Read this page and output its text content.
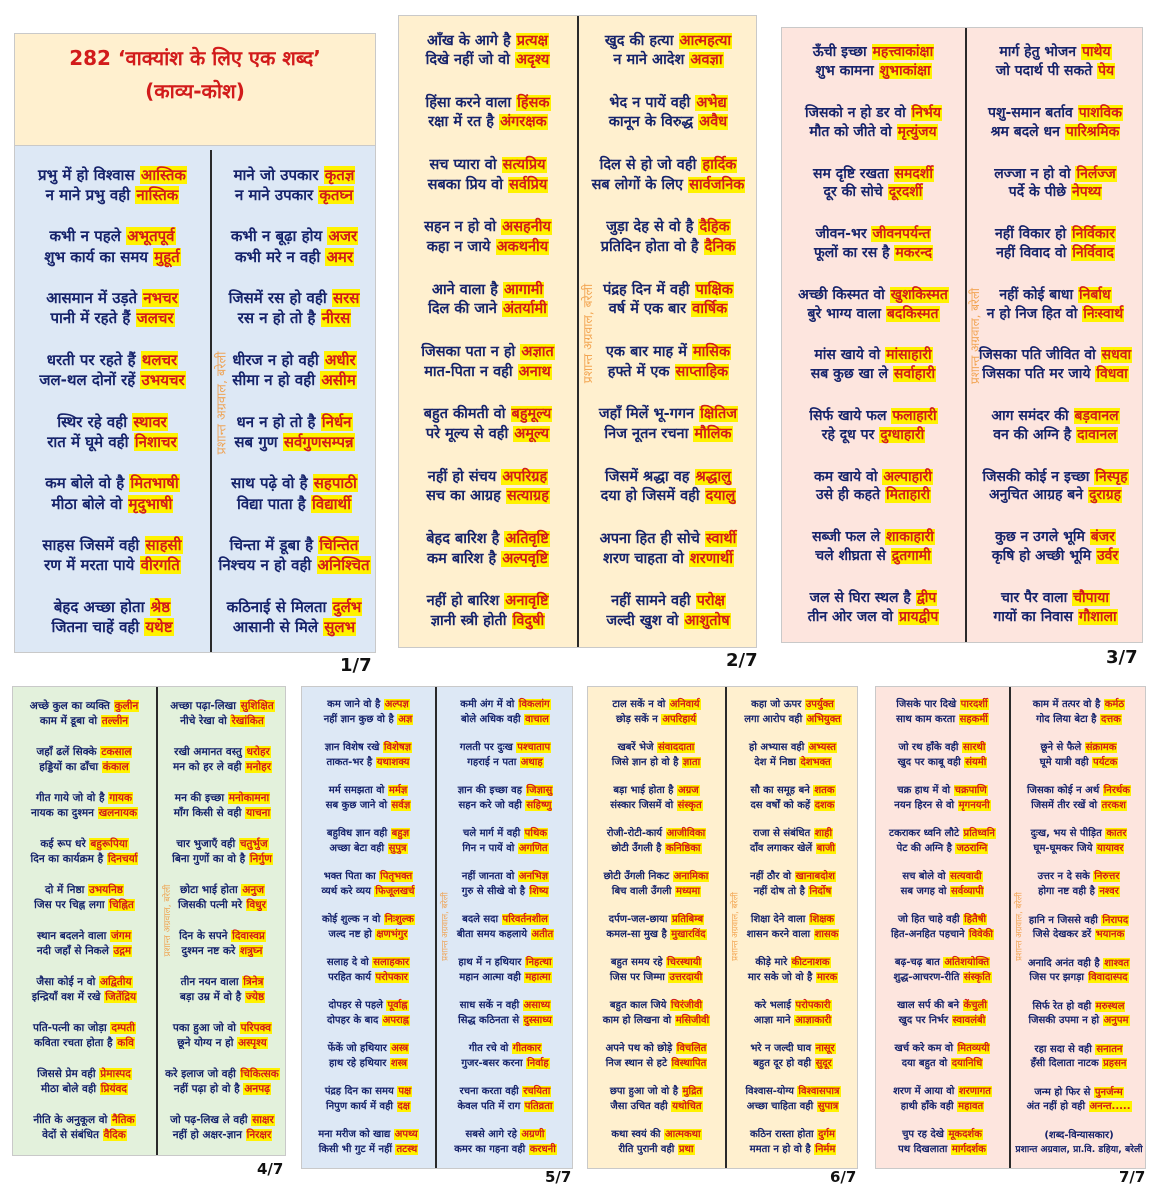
282 ‘वाक्यांश के लिए एक शब्द’
(काव्य-कोश)
प्रशान्त अग्रवाल, बरेली
प्रभु में हो विश्वास आस्तिक
न माने प्रभु वही नास्तिक
कभी न पहले अभूतपूर्व
शुभ कार्य का समय मुहूर्त
आसमान में उड़ते नभचर
पानी में रहते हैं जलचर
धरती पर रहते हैं थलचर
जल-थल दोनों रहें उभयचर
स्थिर रहे वही स्थावर
रात में घूमे वही निशाचर
कम बोले वो है मितभाषी
मीठा बोले वो मृदुभाषी
साहस जिसमें वही साहसी
रण में मरता पाये वीरगति
बेहद अच्छा होता श्रेष्ठ
जितना चाहें वही यथेष्ट
माने जो उपकार कृतज्ञ
न माने उपकार कृतघ्न
कभी न बूढ़ा होय अजर
कभी मरे न वही अमर
जिसमें रस हो वही सरस
रस न हो तो है नीरस
धीरज न हो वही अधीर
सीमा न हो वही असीम
धन न हो तो है निर्धन
सब गुण सर्वगुणसम्पन्न
साथ पढ़े वो है सहपाठी
विद्या पाता है विद्यार्थी
चिन्ता में डूबा है चिन्तित
निश्चय न हो वही अनिश्चित
कठिनाई से मिलता दुर्लभ
आसानी से मिले सुलभ
1/7
प्रशान्त अग्रवाल, बरेली
आँख के आगे है प्रत्यक्ष
दिखे नहीं जो वो अदृश्य
हिंसा करने वाला हिंसक
रक्षा में रत है अंगरक्षक
सच प्यारा वो सत्यप्रिय
सबका प्रिय वो सर्वप्रिय
सहन न हो वो असहनीय
कहा न जाये अकथनीय
आने वाला है आगामी
दिल की जाने अंतर्यामी
जिसका पता न हो अज्ञात
मात-पिता न वही अनाथ
बहुत कीमती वो बहुमूल्य
परे मूल्य से वही अमूल्य
नहीं हो संचय अपरिग्रह
सच का आग्रह सत्याग्रह
बेहद बारिश है अतिवृष्टि
कम बारिश है अल्पवृष्टि
नहीं हो बारिश अनावृष्टि
ज्ञानी स्त्री होती विदुषी
खुद की हत्या आत्महत्या
न माने आदेश अवज्ञा
भेद न पायें वही अभेद्य
कानून के विरुद्ध अवैध
दिल से हो जो वही हार्दिक
सब लोगों के लिए सार्वजनिक
जुड़ा देह से वो है दैहिक
प्रतिदिन होता वो है दैनिक
पंद्रह दिन में वही पाक्षिक
वर्ष में एक बार वार्षिक
एक बार माह में मासिक
हफ्ते में एक साप्ताहिक
जहाँ मिलें भू-गगन क्षितिज
निज नूतन रचना मौलिक
जिसमें श्रद्धा वह श्रद्धालु
दया हो जिसमें वही दयालु
अपना हित ही सोचे स्वार्थी
शरण चाहता वो शरणार्थी
नहीं सामने वही परोक्ष
जल्दी खुश वो आशुतोष
2/7
प्रशान्त अग्रवाल, बरेली
ऊँची इच्छा महत्त्वाकांक्षा
शुभ कामना शुभाकांक्षा
जिसको न हो डर वो निर्भय
मौत को जीते वो मृत्युंजय
सम दृष्टि रखता समदर्शी
दूर की सोचे दूरदर्शी
जीवन-भर जीवनपर्यन्त
फूलों का रस है मकरन्द
अच्छी किस्मत वो खुशकिस्मत
बुरे भाग्य वाला बदकिस्मत
मांस खाये वो मांसाहारी
सब कुछ खा ले सर्वाहारी
सिर्फ खाये फल फलाहारी
रहे दूध पर दुग्धाहारी
कम खाये वो अल्पाहारी
उसे ही कहते मिताहारी
सब्जी फल ले शाकाहारी
चले शीघ्रता से द्रुतगामी
जल से घिरा स्थल है द्वीप
तीन ओर जल वो प्रायद्वीप
मार्ग हेतु भोजन पाथेय
जो पदार्थ पी सकते पेय
पशु-समान बर्ताव पाशविक
श्रम बदले धन पारिश्रमिक
लज्जा न हो वो निर्लज्ज
पर्दे के पीछे नेपथ्य
नहीं विकार हो निर्विकार
नहीं विवाद वो निर्विवाद
नहीं कोई बाधा निर्बाध
न हो निज हित वो निःस्वार्थ
जिसका पति जीवित वो सधवा
जिसका पति मर जाये विधवा
आग समंदर की बड़वानल
वन की अग्नि है दावानल
जिसकी कोई न इच्छा निस्पृह
अनुचित आग्रह बने दुराग्रह
कुछ न उगले भूमि बंजर
कृषि हो अच्छी भूमि उर्वर
चार पैर वाला चौपाया
गायों का निवास गौशाला
3/7
प्रशान्त अग्रवाल, बरेली
अच्छे कुल का व्यक्ति कुलीन
काम में डूबा वो तल्लीन
जहाँ ढलें सिक्के टकसाल
हड्डियों का ढाँचा कंकाल
गीत गाये जो वो है गायक
नायक का दुश्मन खलनायक
कई रूप धरे बहुरूपिया
दिन का कार्यक्रम है दिनचर्या
दो में निष्ठा उभयनिष्ठ
जिस पर चिह्न लगा चिह्नित
स्थान बदलने वाला जंगम
नदी जहाँ से निकले उद्गम
जैसा कोई न वो अद्वितीय
इन्द्रियाँ वश में रखे जितेंद्रिय
पति-पत्नी का जोड़ा दम्पती
कविता रचता होता है कवि
जिससे प्रेम वही प्रेमास्पद
मीठा बोले वही प्रियंवद
नीति के अनुकूल वो नैतिक
वेदों से संबंधित वैदिक
अच्छा पढ़ा-लिखा सुशिक्षित
नीचे रेखा वो रेखांकित
रखी अमानत वस्तु धरोहर
मन को हर ले वही मनोहर
मन की इच्छा मनोकामना
माँग किसी से वही याचना
चार भुजाएँ वही चतुर्भुज
बिना गुणों का वो है निर्गुण
छोटा भाई होता अनुज
जिसकी पत्नी मरे विधुर
दिन के सपने दिवास्वप्न
दुश्मन नष्ट करे शत्रुघ्न
तीन नयन वाला त्रिनेत्र
बड़ा उम्र में वो है ज्येष्ठ
पका हुआ जो वो परिपक्व
छूने योग्य न हो अस्पृश्य
करे इलाज जो वही चिकित्सक
नहीं पढ़ा हो वो है अनपढ़
जो पढ़-लिख ले वही साक्षर
नहीं हो अक्षर-ज्ञान निरक्षर
4/7
प्रशान्त अग्रवाल, बरेली
कम जाने वो है अल्पज्ञ
नहीं ज्ञान कुछ वो है अज्ञ
ज्ञान विशेष रखे विशेषज्ञ
ताकत-भर है यथाशक्य
मर्म समझता वो मर्मज्ञ
सब कुछ जाने वो सर्वज्ञ
बहुविध ज्ञान वही बहुज्ञ
अच्छा बेटा वही सुपुत्र
भक्त पिता का पितृभक्त
व्यर्थ करे व्यय फिजूलखर्च
कोई शुल्क न वो निःशुल्क
जल्द नष्ट हो क्षणभंगुर
सलाह दे वो सलाहकार
परहित कार्य परोपकार
दोपहर से पहले पूर्वाह्न
दोपहर के बाद अपराह्न
फेंकें जो हथियार अस्त्र
हाथ रहे हथियार शस्त्र
पंद्रह दिन का समय पक्ष
निपुण कार्य में वही दक्ष
मना मरीज को खाद्य अपथ्य
किसी भी गुट में नहीं तटस्थ
कमी अंग में वो विकलांग
बोले अधिक वही वाचाल
गलती पर दुःख पश्चाताप
गहराई न पता अथाह
ज्ञान की इच्छा वह जिज्ञासु
सहन करे जो वही सहिष्णु
चले मार्ग में वही पथिक
गिन न पायें वो अगणित
नहीं जानता वो अनभिज्ञ
गुरु से सीखे वो है शिष्य
बदले सदा परिवर्तनशील
बीता समय कहलाये अतीत
हाथ में न हथियार निहत्था
महान आत्मा वही महात्मा
साध सकें न वही असाध्य
सिद्ध कठिनता से दुस्साध्य
गीत रचे वो गीतकार
गुजर-बसर करना निर्वाह
रचना करता वही रचयिता
केवल पति में राग पतिव्रता
सबसे आगे रहे अग्रणी
कमर का गहना वही करधनी
5/7
प्रशान्त अग्रवाल, बरेली
टाल सकें न वो अनिवार्य
छोड़ सकें न अपरिहार्य
खबरें भेजे संवाददाता
जिसे ज्ञान हो वो है ज्ञाता
बड़ा भाई होता है अग्रज
संस्कार जिसमें वो संस्कृत
रोजी-रोटी-कार्य आजीविका
छोटी उँगली है कनिष्ठिका
छोटी उँगली निकट अनामिका
बिच वाली उँगली मध्यमा
दर्पण-जल-छाया प्रतिबिम्ब
कमल-सा मुख है मुखारविंद
बहुत समय रहे चिरस्थायी
जिस पर जिम्मा उत्तरदायी
बहुत काल जिये चिरंजीवी
काम हो लिखना वो मसिजीवी
अपने पथ को छोड़े विचलित
निज स्थान से हटे विस्थापित
छपा हुआ जो वो है मुद्रित
जैसा उचित वही यथोचित
कथा स्वयं की आत्मकथा
रीति पुरानी वही प्रथा
कहा जो ऊपर उपर्युक्त
लगा आरोप वही अभियुक्त
हो अभ्यास वही अभ्यस्त
देश में निष्ठा देशभक्त
सौ का समूह बने शतक
दस वर्षों को कहें दशक
राजा से संबंधित शाही
दाँव लगाकर खेलें बाजी
नहीं ठौर वो खानाबदोश
नहीं दोष तो है निर्दोष
शिक्षा देने वाला शिक्षक
शासन करने वाला शासक
कीड़े मारे कीटनाशक
मार सके जो वो है मारक
करे भलाई परोपकारी
आज्ञा माने आज्ञाकारी
भरे न जल्दी घाव नासूर
बहुत दूर हो वही सुदूर
विश्वास-योग्य विश्वासपात्र
अच्छा चाहिता वही सुपात्र
कठिन रास्ता होता दुर्गम
ममता न हो वो है निर्मम
6/7
प्रशान्त अग्रवाल, बरेली
जिसके पार दिखे पारदर्शी
साथ काम करता सहकर्मी
जो रथ हाँके वही सारथी
खुद पर काबू वही संयमी
चक्र हाथ में वो चक्रपाणि
नयन हिरन से वो मृगनयनी
टकराकर ध्वनि लौटे प्रतिध्वनि
पेट की अग्नि है जठराग्नि
सच बोले वो सत्यवादी
सब जगह वो सर्वव्यापी
जो हित चाहे वही हितैषी
हित-अनहित पहचाने विवेकी
बढ़-चढ़ बात अतिशयोक्ति
शुद्ध-आचरण-रीति संस्कृति
खाल सर्प की बने केंचुली
खुद पर निर्भर स्वावलंबी
खर्च करे कम वो मितव्ययी
दया बहुत वो दयानिधि
शरण में आया वो शरणागत
हाथी हाँके वही महावत
चुप रह देखे मूकदर्शक
पथ दिखलाता मार्गदर्शक
काम में तत्पर वो है कर्मठ
गोद लिया बेटा है दत्तक
छूने से फैले संक्रामक
घूमे यात्री वही पर्यटक
जिसका कोई न अर्थ निरर्थक
जिसमें तीर रखें वो तरकश
दुःख, भय से पीड़ित कातर
घूम-घूमकर जिये यायावर
उत्तर न दे सके निरुत्तर
होगा नष्ट वही है नश्वर
हानि न जिससे वही निरापद
जिसे देखकर डरें भयानक
अनादि अनंत वही है शाश्वत
जिस पर झगड़ा विवादास्पद
सिर्फ रेत हो वही मरुस्थल
जिसकी उपमा न हो अनुपम
रहा सदा से वही सनातन
हँसी दिलाता नाटक प्रहसन
जन्म हो फिर से पुनर्जन्म
अंत नहीं हो वही अनन्त.....
(शब्द-विन्यासकार)
प्रशान्त अग्रवाल, प्रा.वि. डहिया, बरेली
7/7
